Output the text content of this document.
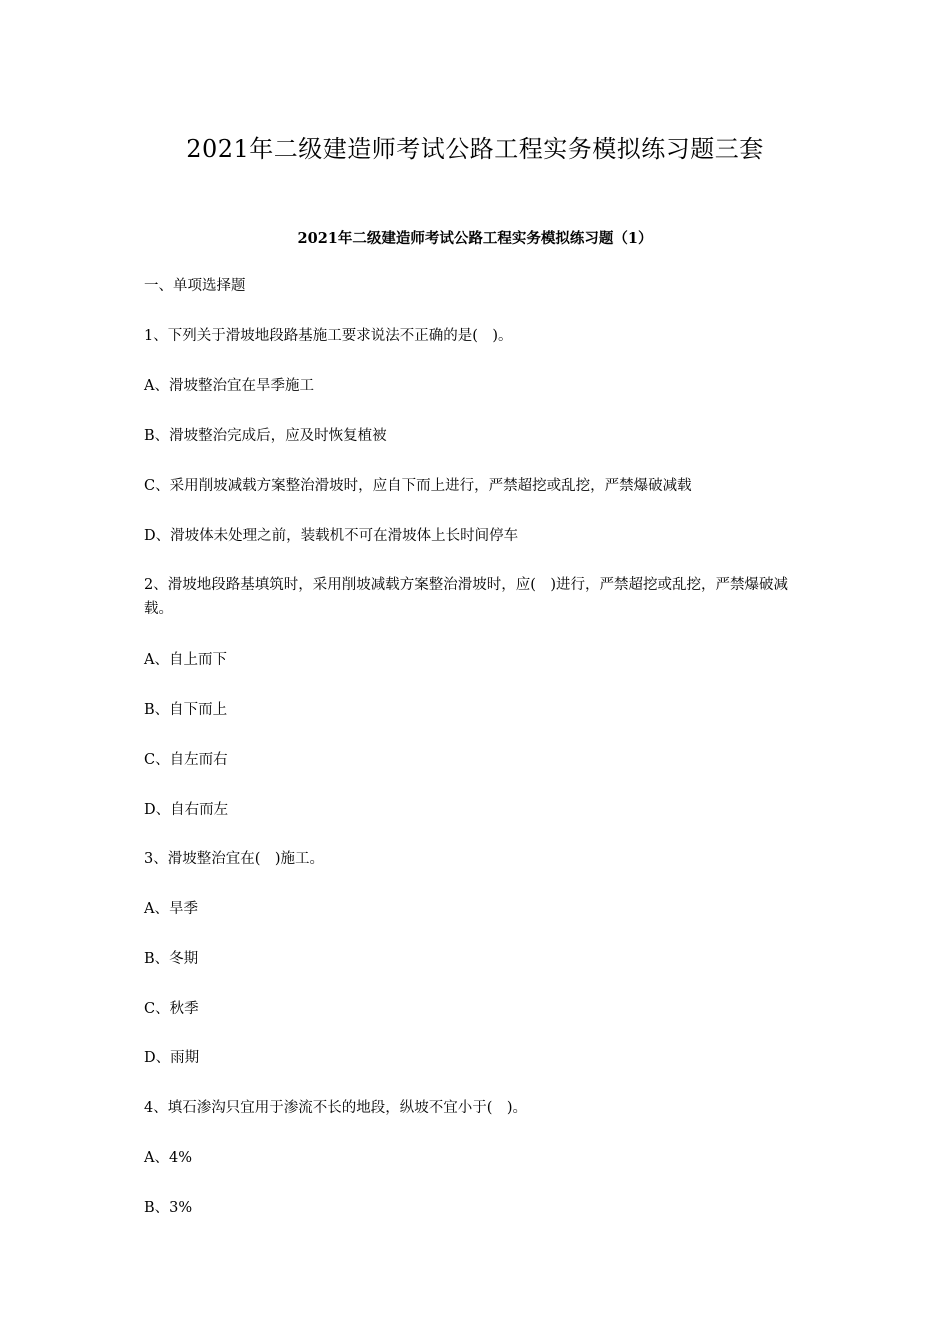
2021年二级建造师考试公路工程实务模拟练习题三套
2021年二级建造师考试公路工程实务模拟练习题（1）
一、单项选择题
1、下列关于滑坡地段路基施工要求说法不正确的是(　)。
A、滑坡整治宜在旱季施工
B、滑坡整治完成后，应及时恢复植被
C、采用削坡减载方案整治滑坡时，应自下而上进行，严禁超挖或乱挖，严禁爆破减载
D、滑坡体未处理之前，装载机不可在滑坡体上长时间停车
2、滑坡地段路基填筑时，采用削坡减载方案整治滑坡时，应(　)进行，严禁超挖或乱挖，严禁爆破减载。
A、自上而下
B、自下而上
C、自左而右
D、自右而左
3、滑坡整治宜在(　)施工。
A、旱季
B、冬期
C、秋季
D、雨期
4、填石渗沟只宜用于渗流不长的地段，纵坡不宜小于(　)。
A、4%
B、3%
